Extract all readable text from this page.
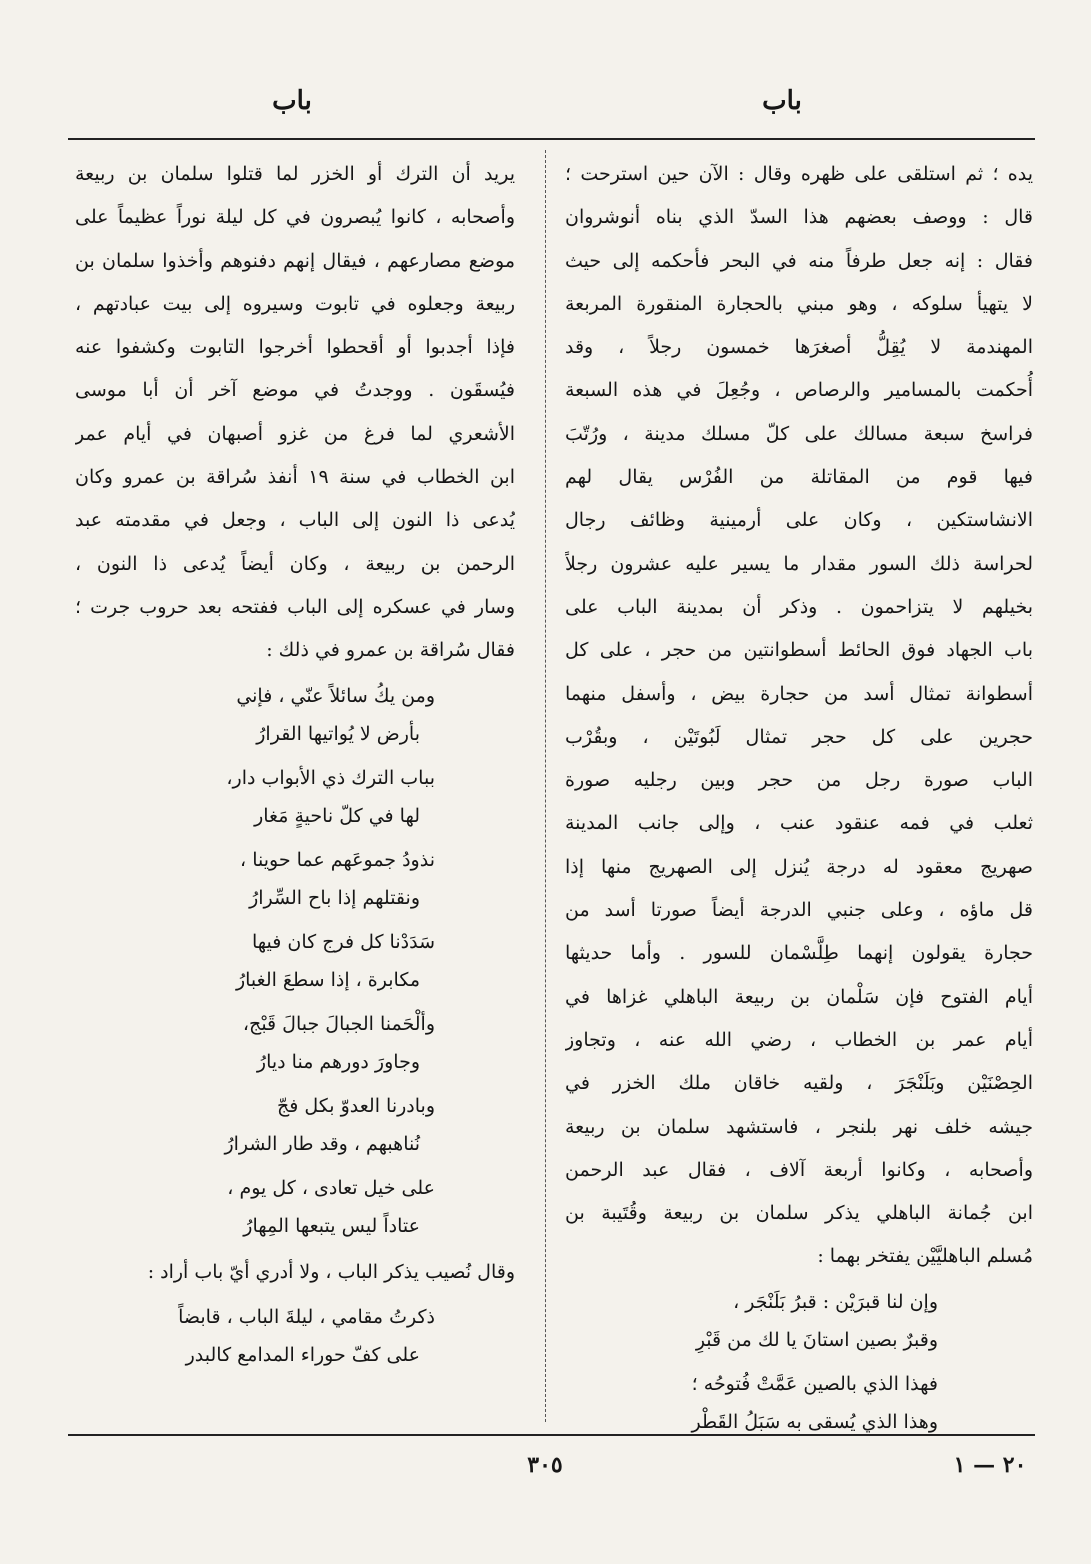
باب
باب
يده ؛ ثم استلقى على ظهره وقال : الآن حين استرحت ؛
قال : ووصف بعضهم هذا السدّ الذي بناه أنوشروان
فقال : إنه جعل طرفاً منه في البحر فأحكمه إلى حيث
لا يتهيأ سلوكه ، وهو مبني بالحجارة المنقورة المربعة
المهندمة لا يُقِلُّ أصغرَها خمسون رجلاً ، وقد
أُحكمت بالمسامير والرصاص ، وجُعِلَ في هذه السبعة
فراسخ سبعة مسالك على كلّ مسلك مدينة ، ورُتّبَ
فيها قوم من المقاتلة من الفُرْس يقال لهم
الانشاستكين ، وكان على أرمينية وظائف رجال
لحراسة ذلك السور مقدار ما يسير عليه عشرون رجلاً
بخيلهم لا يتزاحمون . وذكر أن بمدينة الباب على
باب الجهاد فوق الحائط أسطوانتين من حجر ، على كل
أسطوانة تمثال أسد من حجارة بيض ، وأسفل منهما
حجرين على كل حجر تمثال لَبُوتَيْن ، وبقُرْب
الباب صورة رجل من حجر وبين رجليه صورة
ثعلب في فمه عنقود عنب ، وإلى جانب المدينة
صهريج معقود له درجة يُنزل إلى الصهريج منها إذا
قل ماؤه ، وعلى جنبي الدرجة أيضاً صورتا أسد من
حجارة يقولون إنهما طِلَّسْمان للسور . وأما حديثها
أيام الفتوح فإن سَلْمان بن ربيعة الباهلي غزاها في
أيام عمر بن الخطاب ، رضي الله عنه ، وتجاوز
الحِصْنَيْن وبَلَنْجَرَ ، ولقيه خاقان ملك الخزر في
جيشه خلف نهر بلنجر ، فاستشهد سلمان بن ربيعة
وأصحابه ، وكانوا أربعة آلاف ، فقال عبد الرحمن
ابن جُمانة الباهلي يذكر سلمان بن ربيعة وقُتَيبة بن
مُسلم الباهليَّيْن يفتخر بهما :
وإن لنا قبرَيْن : قبرُ بَلَنْجَر ،
وقبرٌ بصين استانَ يا لك من قَبْرِ
فهذا الذي بالصين عَمَّتْ فُتوحُه ؛
وهذا الذي يُسقى به سَبَلُ القَطْر
يريد أن الترك أو الخزر لما قتلوا سلمان بن ربيعة
وأصحابه ، كانوا يُبصرون في كل ليلة نوراً عظيماً على
موضع مصارعهم ، فيقال إنهم دفنوهم وأخذوا سلمان بن
ربيعة وجعلوه في تابوت وسيروه إلى بيت عبادتهم ،
فإذا أجدبوا أو أقحطوا أخرجوا التابوت وكشفوا عنه
فيُسقَون . ووجدتُ في موضع آخر أن أبا موسى
الأشعري لما فرغ من غزو أصبهان في أيام عمر
ابن الخطاب في سنة ١٩ أنفذ سُراقة بن عمرو وكان
يُدعى ذا النون إلى الباب ، وجعل في مقدمته عبد
الرحمن بن ربيعة ، وكان أيضاً يُدعى ذا النون ،
وسار في عسكره إلى الباب ففتحه بعد حروب جرت ؛
فقال سُراقة بن عمرو في ذلك :
ومن يكُ سائلاً عنّي ، فإني
بأرض لا يُواتيها القرارُ
بباب الترك ذي الأبواب دار،
لها في كلّ ناحيةٍ مَغار
نذودُ جموعَهم عما حوينا ،
ونقتلهم إذا باح السِّرارُ
سَدَدْنا كل فرج كان فيها
مكابرة ، إذا سطعَ الغبارُ
وألْحَمنا الجبالَ جبالَ قَبْج،
وجاورَ دورهم منا ديارُ
وبادرنا العدوّ بكل فجّ
نُناهبهم ، وقد طار الشرارُ
على خيل تعادى ، كل يوم ،
عتاداً ليس يتبعها المِهارُ
وقال نُصيب يذكر الباب ، ولا أدري أيّ باب أراد :
ذكرتُ مقامي ، ليلةَ الباب ، قابضاً
على كفّ حوراء المدامع كالبدر
٣٠٥	٢٠ — ١
